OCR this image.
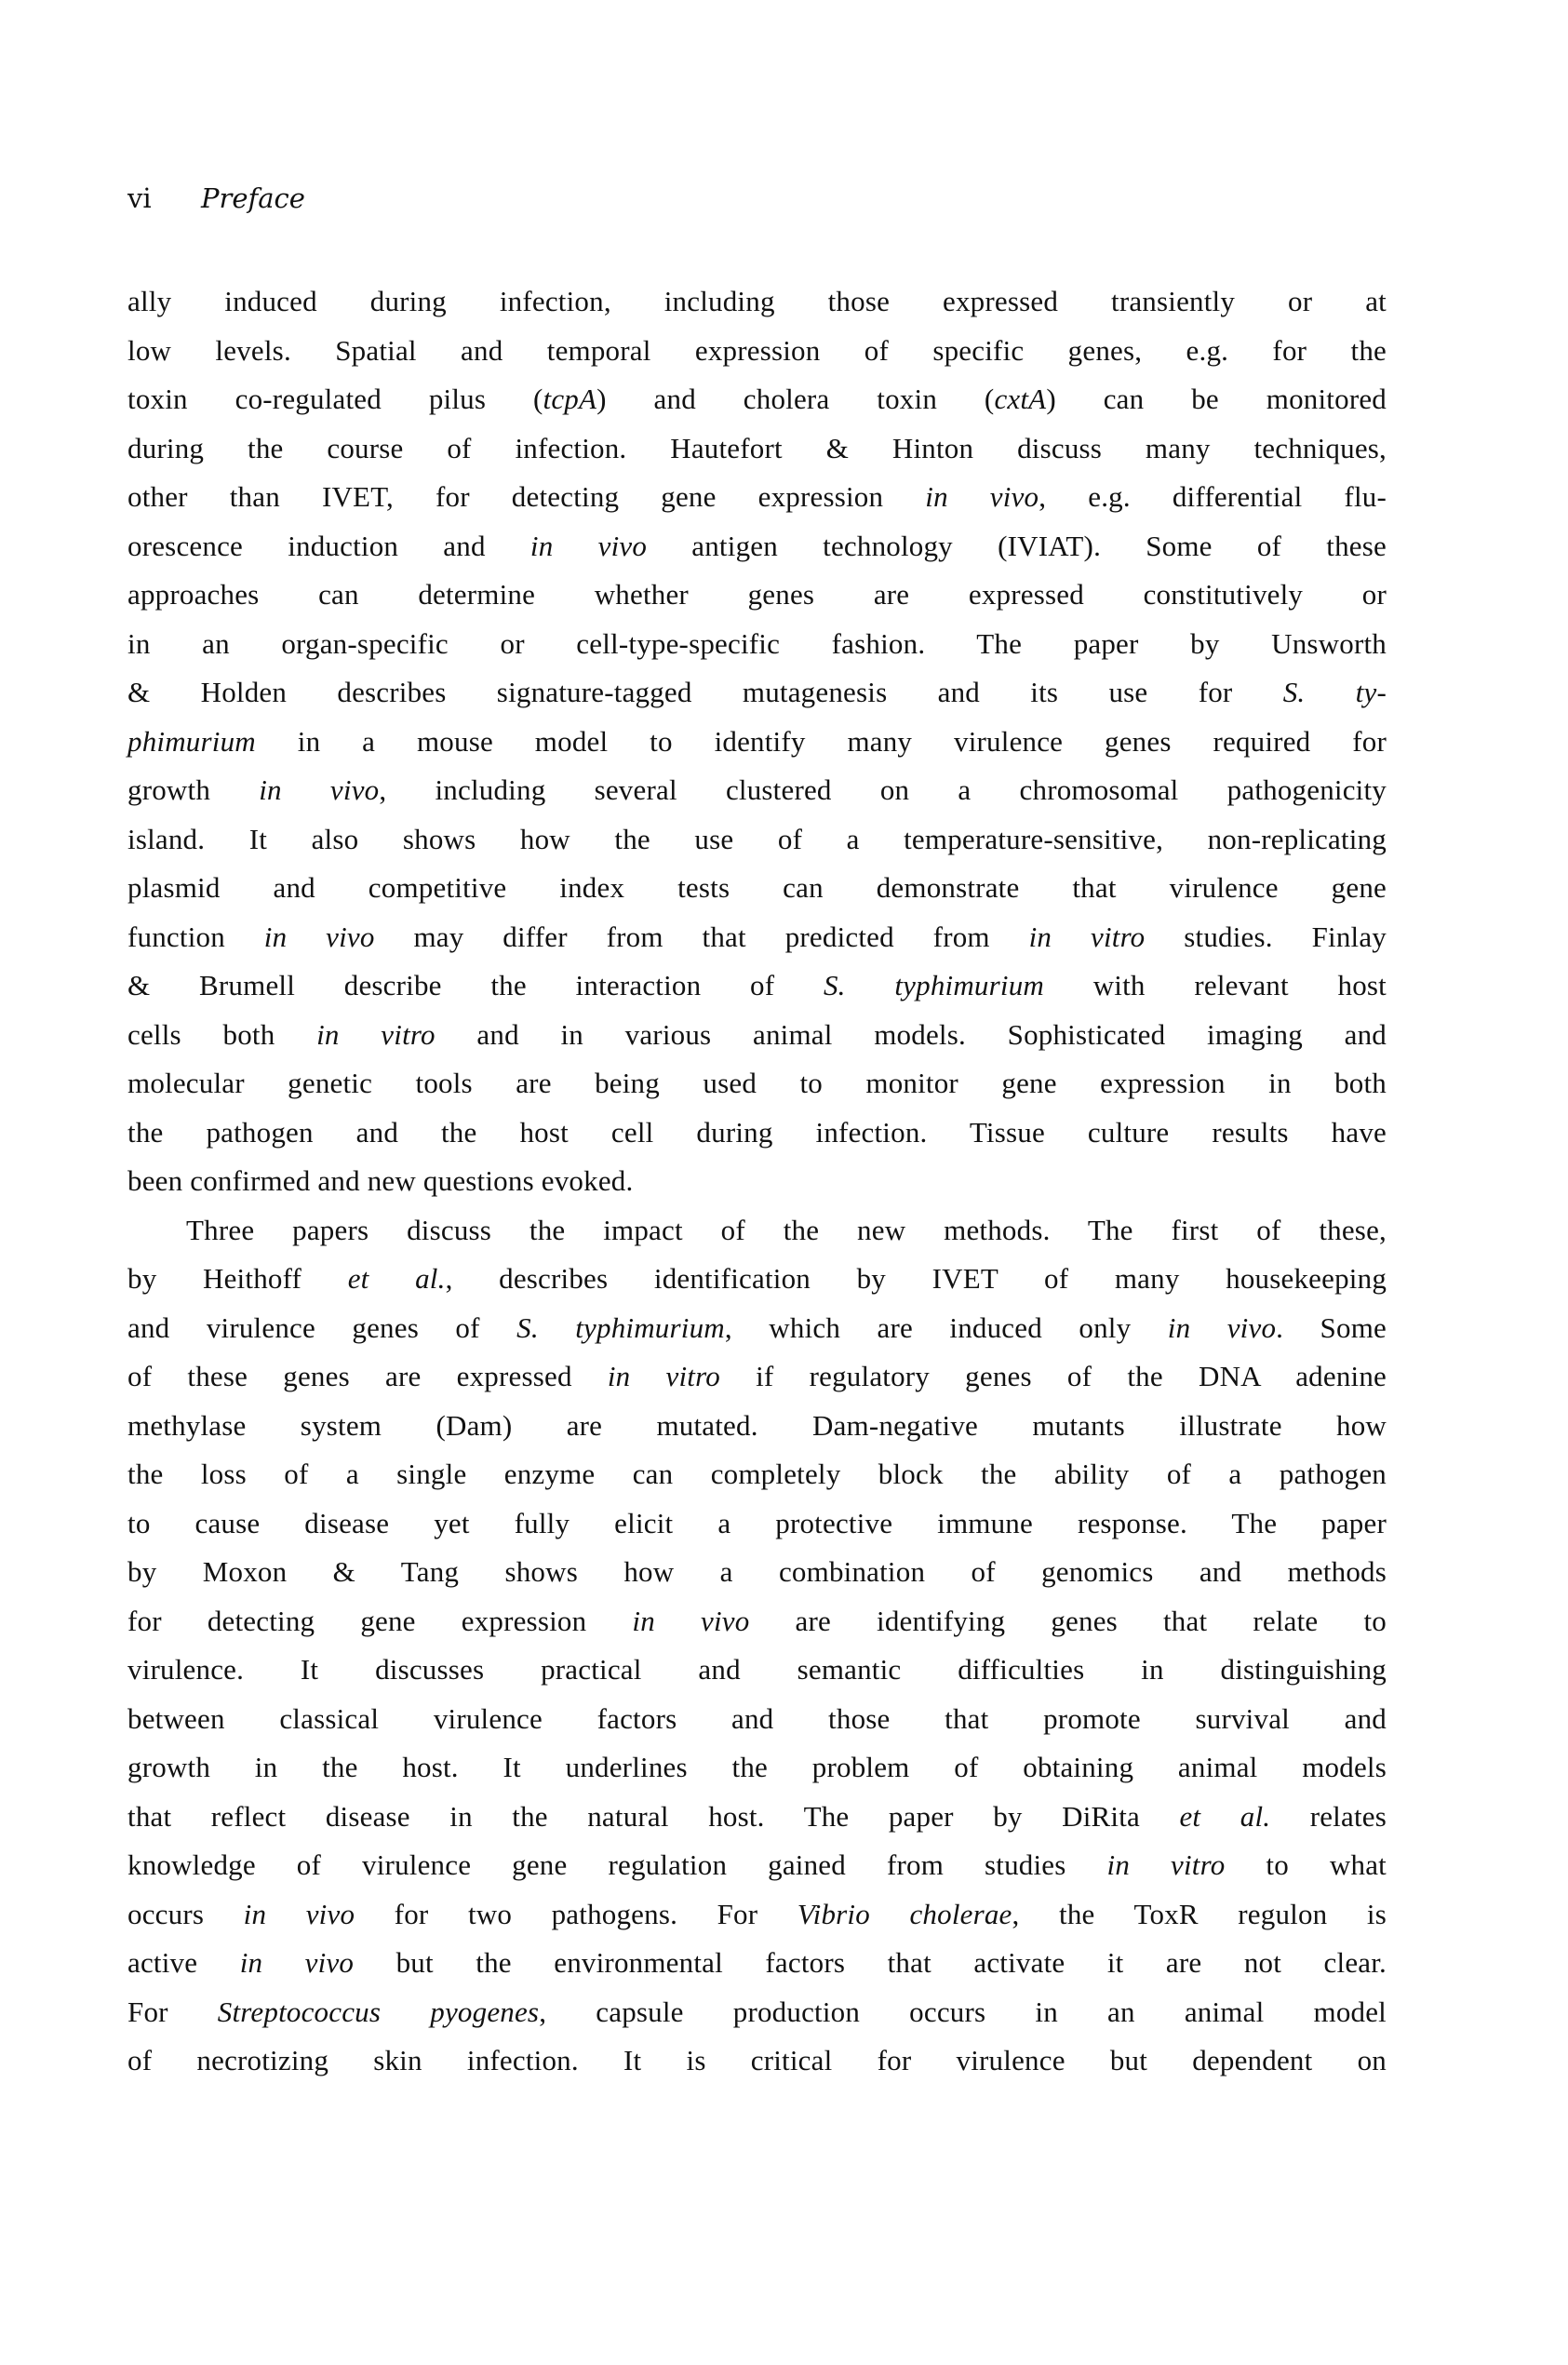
vi Preface
ally induced during infection, including those expressed transiently or at
low levels. Spatial and temporal expression of specific genes, e.g. for the
toxin co-regulated pilus (tcpA) and cholera toxin (cxtA) can be monitored
during the course of infection. Hautefort & Hinton discuss many techniques,
other than IVET, for detecting gene expression in vivo, e.g. differential flu-
orescence induction and in vivo antigen technology (IVIAT). Some of these
approaches can determine whether genes are expressed constitutively or
in an organ-specific or cell-type-specific fashion. The paper by Unsworth
& Holden describes signature-tagged mutagenesis and its use for S. ty-
phimurium in a mouse model to identify many virulence genes required for
growth in vivo, including several clustered on a chromosomal pathogenicity
island. It also shows how the use of a temperature-sensitive, non-replicating
plasmid and competitive index tests can demonstrate that virulence gene
function in vivo may differ from that predicted from in vitro studies. Finlay
& Brumell describe the interaction of S. typhimurium with relevant host
cells both in vitro and in various animal models. Sophisticated imaging and
molecular genetic tools are being used to monitor gene expression in both
the pathogen and the host cell during infection. Tissue culture results have
been confirmed and new questions evoked.
Three papers discuss the impact of the new methods. The first of these,
by Heithoff et al., describes identification by IVET of many housekeeping
and virulence genes of S. typhimurium, which are induced only in vivo. Some
of these genes are expressed in vitro if regulatory genes of the DNA adenine
methylase system (Dam) are mutated. Dam-negative mutants illustrate how
the loss of a single enzyme can completely block the ability of a pathogen
to cause disease yet fully elicit a protective immune response. The paper
by Moxon & Tang shows how a combination of genomics and methods
for detecting gene expression in vivo are identifying genes that relate to
virulence. It discusses practical and semantic difficulties in distinguishing
between classical virulence factors and those that promote survival and
growth in the host. It underlines the problem of obtaining animal models
that reflect disease in the natural host. The paper by DiRita et al. relates
knowledge of virulence gene regulation gained from studies in vitro to what
occurs in vivo for two pathogens. For Vibrio cholerae, the ToxR regulon is
active in vivo but the environmental factors that activate it are not clear.
For Streptococcus pyogenes, capsule production occurs in an animal model
of necrotizing skin infection. It is critical for virulence but dependent on
